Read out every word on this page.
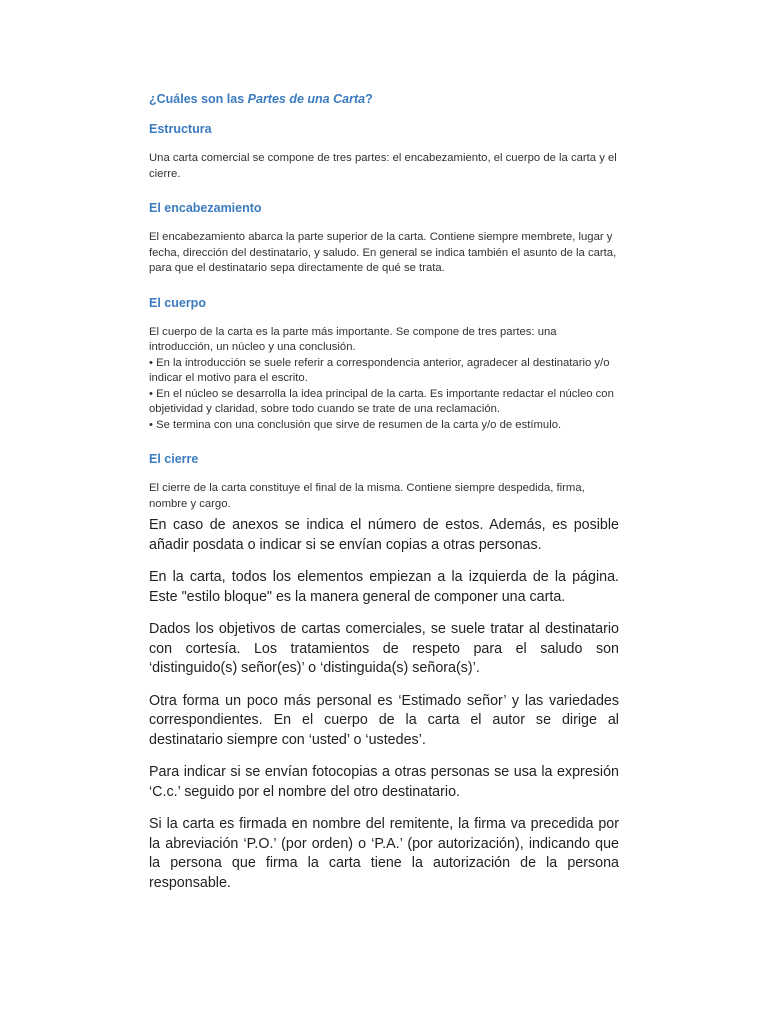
¿Cuáles son las Partes de una Carta?
Estructura
Una carta comercial se compone de tres partes: el encabezamiento, el cuerpo de la carta y el cierre.
El encabezamiento
El encabezamiento abarca la parte superior de la carta. Contiene siempre membrete, lugar y fecha, dirección del destinatario, y saludo. En general se indica también el asunto de la carta, para que el destinatario sepa directamente de qué se trata.
El cuerpo
El cuerpo de la carta es la parte más importante. Se compone de tres partes: una introducción, un núcleo y una conclusión.
• En la introducción se suele referir a correspondencia anterior, agradecer al destinatario y/o indicar el motivo para el escrito.
• En el núcleo se desarrolla la idea principal de la carta. Es importante redactar el núcleo con objetividad y claridad, sobre todo cuando se trate de una reclamación.
• Se termina con una conclusión que sirve de resumen de la carta y/o de estímulo.
El cierre
El cierre de la carta constituye el final de la misma. Contiene siempre despedida, firma, nombre y cargo.

En caso de anexos se indica el número de estos. Además, es posible añadir posdata o indicar si se envían copias a otras personas.

En la carta, todos los elementos empiezan a la izquierda de la página. Este "estilo bloque" es la manera general de componer una carta.

Dados los objetivos de cartas comerciales, se suele tratar al destinatario con cortesía. Los tratamientos de respeto para el saludo son ‘distinguido(s) señor(es)’ o ‘distinguida(s) señora(s)’.

Otra forma un poco más personal es ‘Estimado señor’ y las variedades correspondientes. En el cuerpo de la carta el autor se dirige al destinatario siempre con ‘usted’ o ‘ustedes’.

Para indicar si se envían fotocopias a otras personas se usa la expresión ‘C.c.’ seguido por el nombre del otro destinatario.

Si la carta es firmada en nombre del remitente, la firma va precedida por la abreviación ‘P.O.’ (por orden) o ‘P.A.’ (por autorización), indicando que la persona que firma la carta tiene la autorización de la persona responsable.
